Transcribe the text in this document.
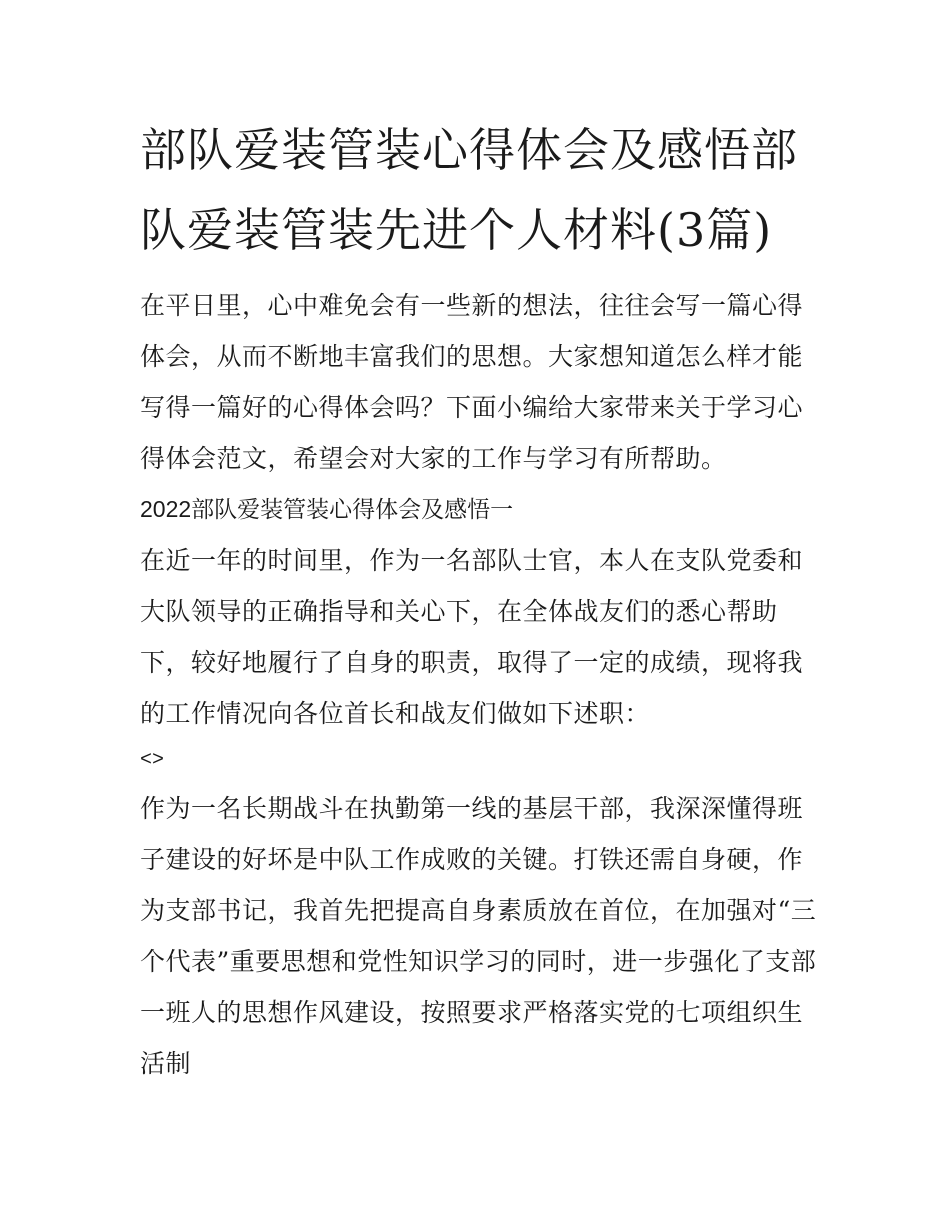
部队爱装管装心得体会及感悟部队爱装管装先进个人材料(3篇)

在平日里，心中难免会有一些新的想法，往往会写一篇心得体会，从而不断地丰富我们的思想。大家想知道怎么样才能写得一篇好的心得体会吗？下面小编给大家带来关于学习心得体会范文，希望会对大家的工作与学习有所帮助。

2022部队爱装管装心得体会及感悟一

在近一年的时间里，作为一名部队士官，本人在支队党委和大队领导的正确指导和关心下，在全体战友们的悉心帮助下，较好地履行了自身的职责，取得了一定的成绩，现将我的工作情况向各位首长和战友们做如下述职：

<>

作为一名长期战斗在执勤第一线的基层干部，我深深懂得班子建设的好坏是中队工作成败的关键。打铁还需自身硬，作为支部书记，我首先把提高自身素质放在首位，在加强对“三个代表”重要思想和党性知识学习的同时，进一步强化了支部一班人的思想作风建设，按照要求严格落实党的七项组织生活制
